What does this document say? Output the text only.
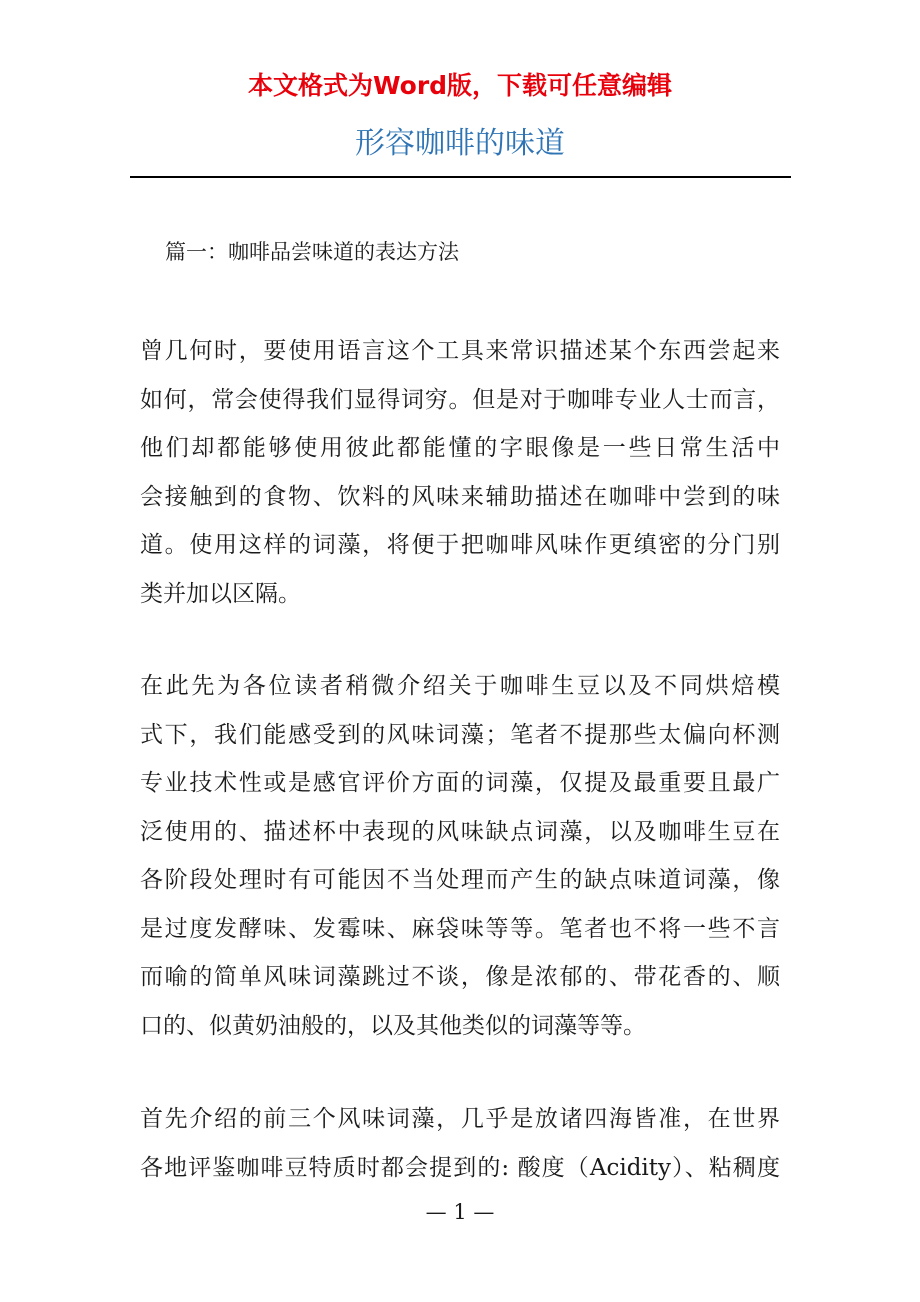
本文格式为Word版，下载可任意编辑
形容咖啡的味道
篇一：咖啡品尝味道的表达方法
曾几何时，要使用语言这个工具来常识描述某个东西尝起来
如何，常会使得我们显得词穷。但是对于咖啡专业人士而言，
他们却都能够使用彼此都能懂的字眼像是一些日常生活中
会接触到的食物、饮料的风味来辅助描述在咖啡中尝到的味
道。使用这样的词藻，将便于把咖啡风味作更缜密的分门别
类并加以区隔。
在此先为各位读者稍微介绍关于咖啡生豆以及不同烘焙模
式下，我们能感受到的风味词藻；笔者不提那些太偏向杯测
专业技术性或是感官评价方面的词藻，仅提及最重要且最广
泛使用的、描述杯中表现的风味缺点词藻，以及咖啡生豆在
各阶段处理时有可能因不当处理而产生的缺点味道词藻，像
是过度发酵味、发霉味、麻袋味等等。笔者也不将一些不言
而喻的简单风味词藻跳过不谈，像是浓郁的、带花香的、顺
口的、似黄奶油般的，以及其他类似的词藻等等。
首先介绍的前三个风味词藻，几乎是放诸四海皆准，在世界
各地评鉴咖啡豆特质时都会提到的: 酸度（Acidity）、粘稠度
— 1 —
